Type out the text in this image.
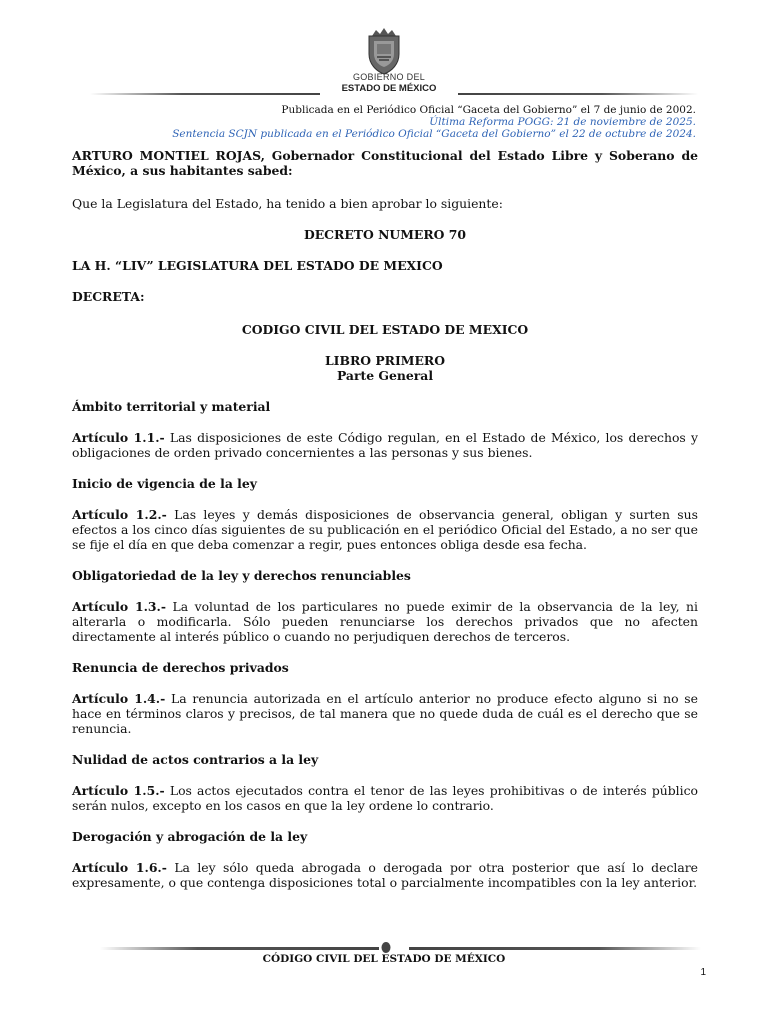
GOBIERNO DEL
ESTADO DE MÉXICO
Publicada en el Periódico Oficial “Gaceta del Gobierno” el 7 de junio de 2002.
Última Reforma POGG: 21 de noviembre de 2025.
Sentencia SCJN publicada en el Periódico Oficial “Gaceta del Gobierno” el 22 de octubre de 2024.

ARTURO MONTIEL ROJAS, Gobernador Constitucional del Estado Libre y Soberano de México, a sus habitantes sabed:

Que la Legislatura del Estado, ha tenido a bien aprobar lo siguiente:

DECRETO NUMERO 70

LA H. “LIV” LEGISLATURA DEL ESTADO DE MEXICO

DECRETA:

CODIGO CIVIL DEL ESTADO DE MEXICO

LIBRO PRIMERO

Parte General

Ámbito territorial y material

Artículo 1.1.- Las disposiciones de este Código regulan, en el Estado de México, los derechos y obligaciones de orden privado concernientes a las personas y sus bienes.

Inicio de vigencia de la ley

Artículo 1.2.- Las leyes y demás disposiciones de observancia general, obligan y surten sus efectos a los cinco días siguientes de su publicación en el periódico Oficial del Estado, a no ser que se fije el día en que deba comenzar a regir, pues entonces obliga desde esa fecha.

Obligatoriedad de la ley y derechos renunciables

Artículo 1.3.- La voluntad de los particulares no puede eximir de la observancia de la ley, ni alterarla o modificarla. Sólo pueden renunciarse los derechos privados que no afecten directamente al interés público o cuando no perjudiquen derechos de terceros.

Renuncia de derechos privados

Artículo 1.4.- La renuncia autorizada en el artículo anterior no produce efecto alguno si no se hace en términos claros y precisos, de tal manera que no quede duda de cuál es el derecho que se renuncia.

Nulidad de actos contrarios a la ley

Artículo 1.5.- Los actos ejecutados contra el tenor de las leyes prohibitivas o de interés público serán nulos, excepto en los casos en que la ley ordene lo contrario.

Derogación y abrogación de la ley

Artículo 1.6.- La ley sólo queda abrogada o derogada por otra posterior que así lo declare expresamente, o que contenga disposiciones total o parcialmente incompatibles con la ley anterior.

CÓDIGO CIVIL DEL ESTADO DE MÉXICO
1
